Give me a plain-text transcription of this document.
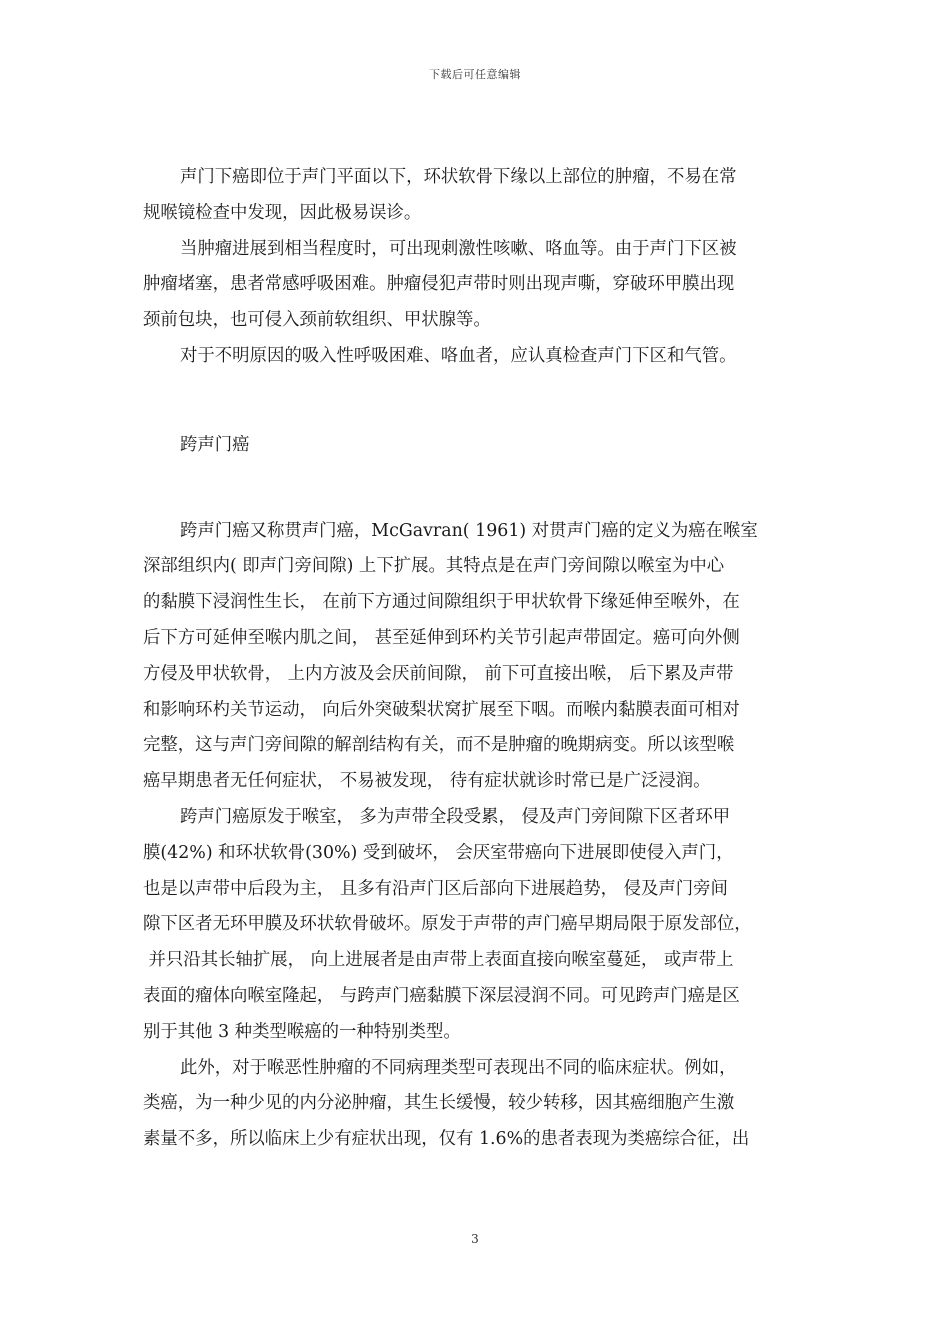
下载后可任意编辑
声门下癌即位于声门平面以下，环状软骨下缘以上部位的肿瘤，不易在常
规喉镜检查中发现，因此极易误诊。
当肿瘤进展到相当程度时，可出现刺激性咳嗽、咯血等。由于声门下区被
肿瘤堵塞，患者常感呼吸困难。肿瘤侵犯声带时则出现声嘶，穿破环甲膜出现
颈前包块，也可侵入颈前软组织、甲状腺等。
对于不明原因的吸入性呼吸困难、咯血者，应认真检查声门下区和气管。
跨声门癌
跨声门癌又称贯声门癌，McGavran( 1961) 对贯声门癌的定义为癌在喉室
深部组织内( 即声门旁间隙) 上下扩展。其特点是在声门旁间隙以喉室为中心
的黏膜下浸润性生长， 在前下方通过间隙组织于甲状软骨下缘延伸至喉外，在
后下方可延伸至喉内肌之间， 甚至延伸到环杓关节引起声带固定。癌可向外侧
方侵及甲状软骨， 上内方波及会厌前间隙， 前下可直接出喉， 后下累及声带
和影响环杓关节运动， 向后外突破梨状窝扩展至下咽。而喉内黏膜表面可相对
完整，这与声门旁间隙的解剖结构有关，而不是肿瘤的晚期病变。所以该型喉
癌早期患者无任何症状， 不易被发现， 待有症状就诊时常已是广泛浸润。
跨声门癌原发于喉室， 多为声带全段受累， 侵及声门旁间隙下区者环甲
膜(42%) 和环状软骨(30%) 受到破坏， 会厌室带癌向下进展即使侵入声门，
也是以声带中后段为主， 且多有沿声门区后部向下进展趋势， 侵及声门旁间
隙下区者无环甲膜及环状软骨破坏。原发于声带的声门癌早期局限于原发部位，
并只沿其长轴扩展， 向上进展者是由声带上表面直接向喉室蔓延， 或声带上
表面的瘤体向喉室隆起， 与跨声门癌黏膜下深层浸润不同。可见跨声门癌是区
别于其他 3 种类型喉癌的一种特别类型。
此外，对于喉恶性肿瘤的不同病理类型可表现出不同的临床症状。例如，
类癌，为一种少见的内分泌肿瘤，其生长缓慢，较少转移，因其癌细胞产生激
素量不多，所以临床上少有症状出现，仅有 1.6%的患者表现为类癌综合征，出
3
